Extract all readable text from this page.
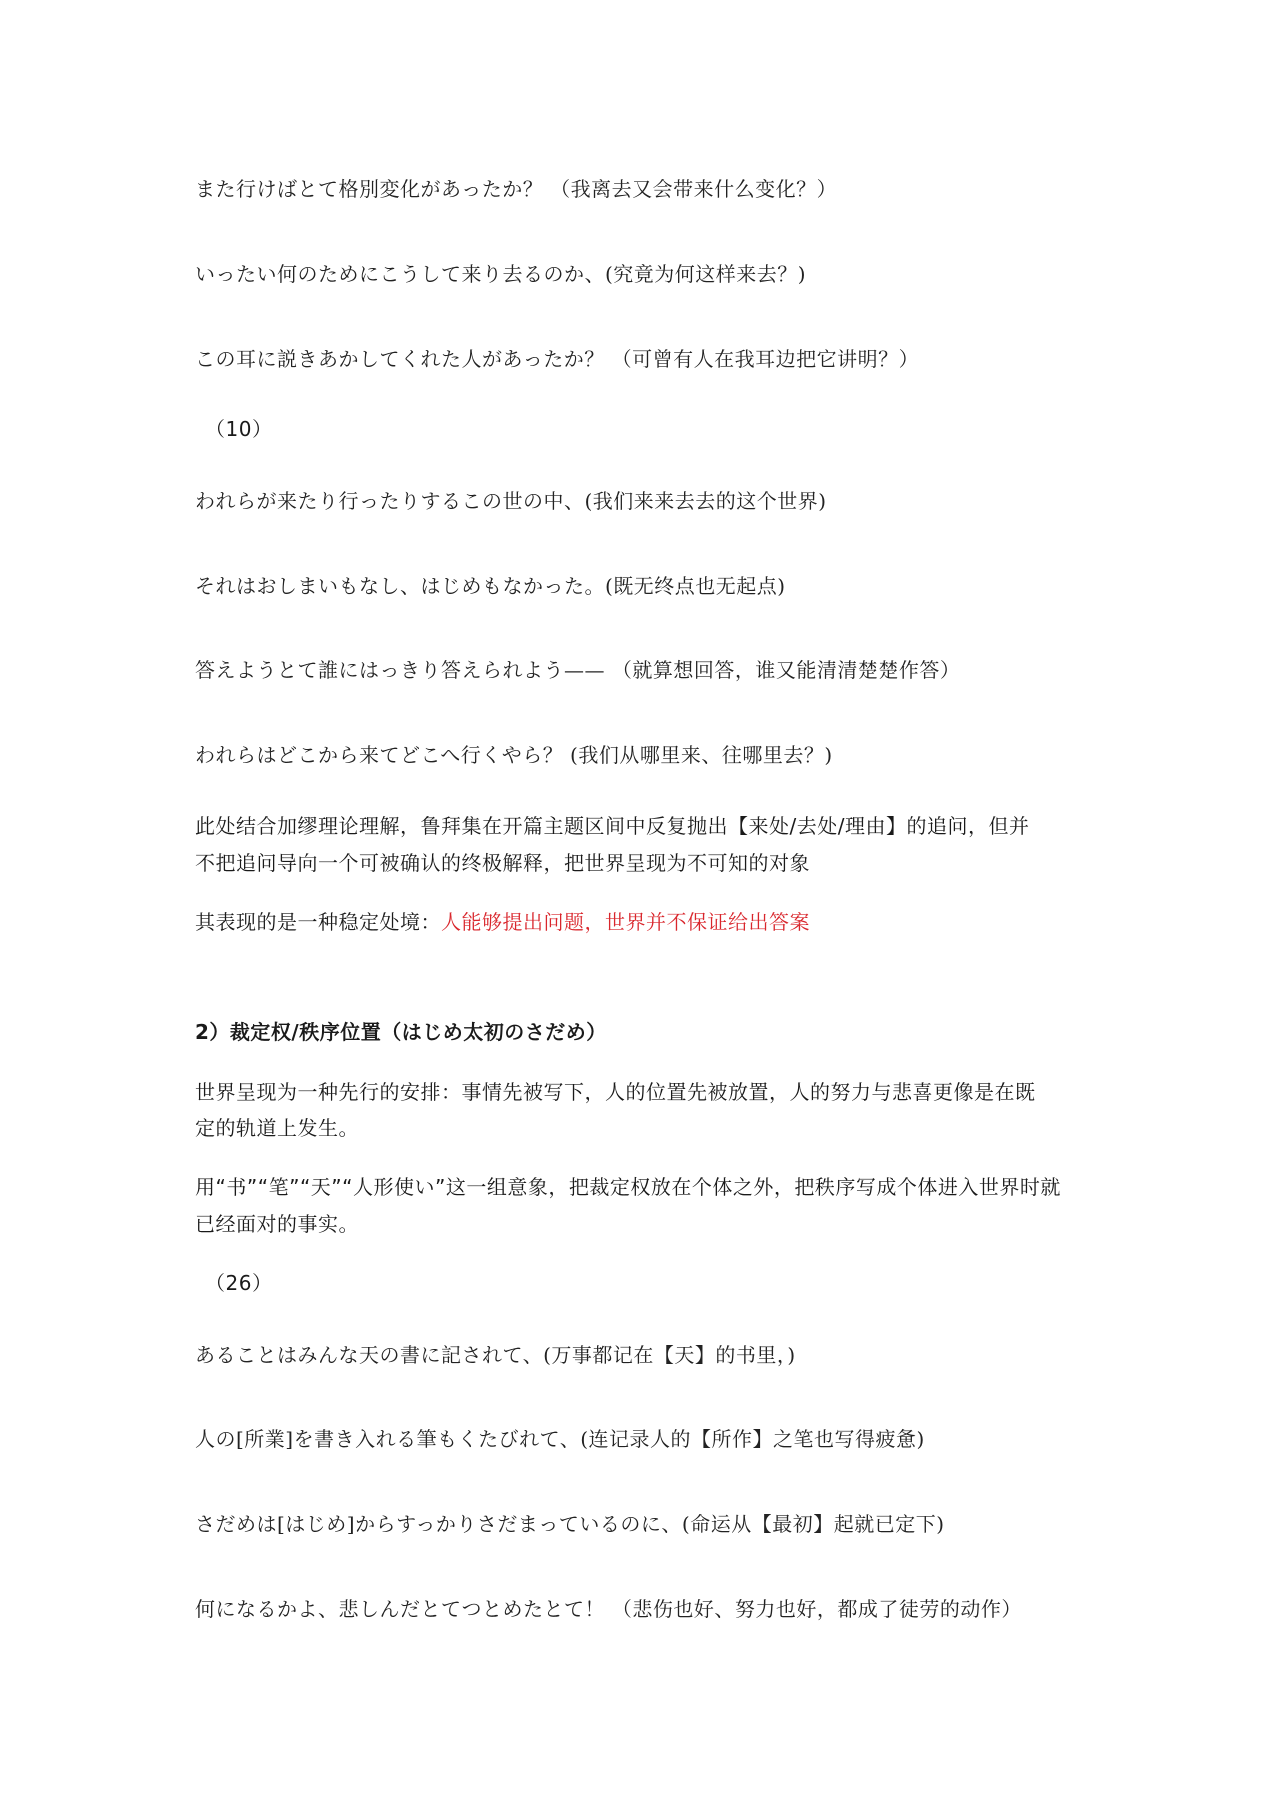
また行けばとて格別変化があったか？ （我离去又会带来什么变化？）
いったい何のためにこうして来り去るのか、(究竟为何这样来去？)
この耳に説きあかしてくれた人があったか？ （可曾有人在我耳边把它讲明？）
（10）
われらが来たり行ったりするこの世の中、(我们来来去去的这个世界)
それはおしまいもなし、はじめもなかった。(既无终点也无起点)
答えようとて誰にはっきり答えられよう—— （就算想回答，谁又能清清楚楚作答）
われらはどこから来てどこへ行くやら？ (我们从哪里来、往哪里去？)
此处结合加缪理论理解，鲁拜集在开篇主题区间中反复抛出【来处/去处/理由】的追问，但并
不把追问导向一个可被确认的终极解释，把世界呈现为不可知的对象
其表现的是一种稳定处境：人能够提出问题，世界并不保证给出答案
2）裁定权/秩序位置（はじめ太初のさだめ）
世界呈现为一种先行的安排：事情先被写下，人的位置先被放置，人的努力与悲喜更像是在既
定的轨道上发生。
用“书”“笔”“天”“人形使い”这一组意象，把裁定权放在个体之外，把秩序写成个体进入世界时就
已经面对的事实。
（26）
あることはみんな天の書に記されて、(万事都记在【天】的书里，)
人の[所業]を書き入れる筆もくたびれて、(连记录人的【所作】之笔也写得疲惫)
さだめは[はじめ]からすっかりさだまっているのに、(命运从【最初】起就已定下)
何になるかよ、悲しんだとてつとめたとて！ （悲伤也好、努力也好，都成了徒劳的动作）
